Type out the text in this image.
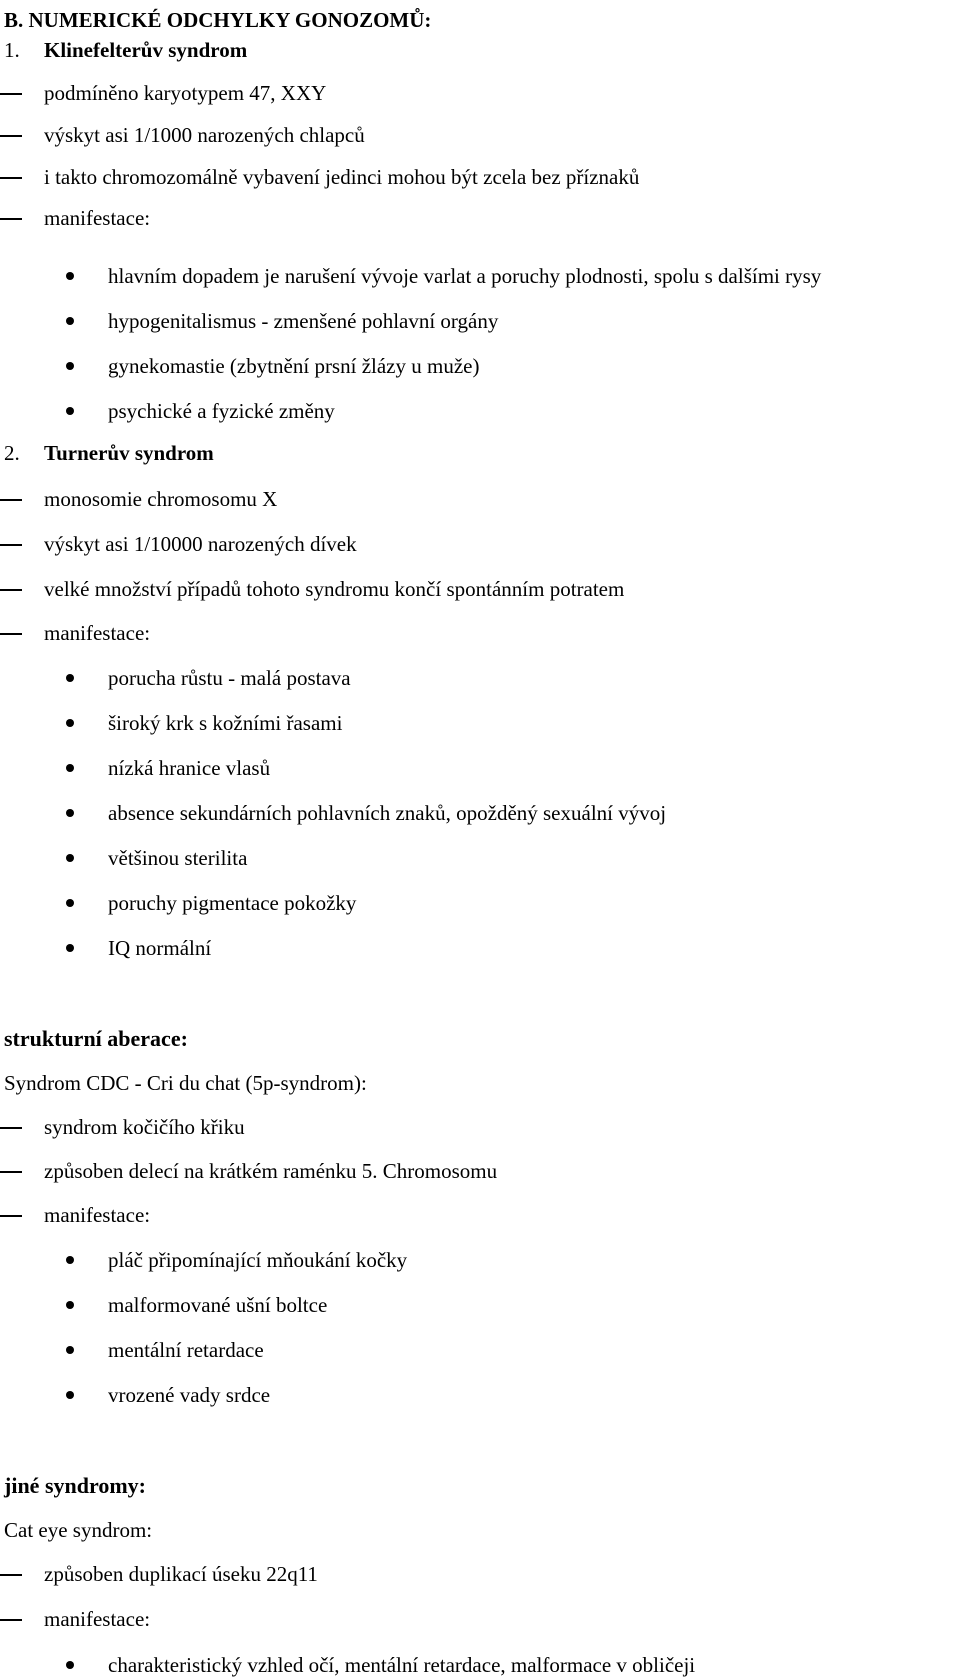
B. NUMERICKÉ ODCHYLKY GONOZOMŮ:
1. Klinefelterův syndrom
podmíněno karyotypem 47, XXY
výskyt asi 1/1000 narozených chlapců
i takto chromozomálně vybavení jedinci mohou být zcela bez příznaků
manifestace:
hlavním dopadem je narušení vývoje varlat a poruchy plodnosti, spolu s dalšími rysy
hypogenitalismus - zmenšené pohlavní orgány
gynekomastie (zbytnění prsní žlázy u muže)
psychické a fyzické změny
2. Turnerův syndrom
monosomie chromosomu X
výskyt asi 1/10000 narozených dívek
velké množství případů tohoto syndromu končí spontánním potratem
manifestace:
porucha růstu - malá postava
široký krk s kožními řasami
nízká hranice vlasů
absence sekundárních pohlavních znaků, opožděný sexuální vývoj
většinou sterilita
poruchy pigmentace pokožky
IQ normální
strukturní aberace:
Syndrom CDC - Cri du chat (5p-syndrom):
syndrom kočičího křiku
způsoben delecí na krátkém raménku 5. Chromosomu
manifestace:
pláč připomínající mňoukání kočky
malformované ušní boltce
mentální retardace
vrozené vady srdce
jiné syndromy:
Cat eye syndrom:
způsoben duplikací úseku 22q11
manifestace:
charakteristický vzhled očí, mentální retardace, malformace v obličeji
